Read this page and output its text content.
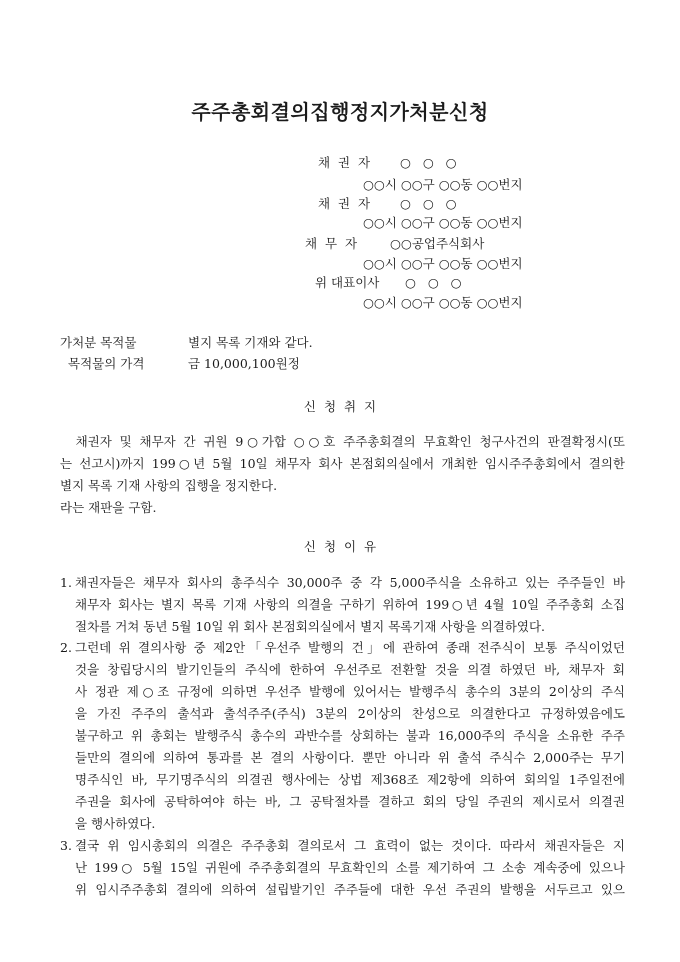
주주총회결의집행정지가처분신청
채  권  자 ○   ○   ○
○○시 ○○구 ○○동 ○○번지
채  권  자 ○   ○   ○
○○시 ○○구 ○○동 ○○번지
채  무  자	○○공업주식회사
○○시 ○○구 ○○동 ○○번지
위 대표이사 ○   ○   ○
○○시 ○○구 ○○동 ○○번지
가처분 목적물	별지 목록 기재와 같다.
목적물의 가격	금 10,000,100원정
신  청  취  지
채권자 및 채무자 간 귀원 9○가합 ○○호 주주총회결의 무효확인 청구사건의 판결확정시(또
는 선고시)까지 199○년 5월 10일 채무자 회사 본점회의실에서 개최한 임시주주총회에서 결의한
별지 목록 기재 사항의 집행을 정지한다.
라는 재판을 구함.
신  청  이  유
1. 채권자들은 채무자 회사의 총주식수 30,000주 중 각 5,000주식을 소유하고 있는 주주들인 바
채무자 회사는 별지 목록 기재 사항의 의결을 구하기 위하여 199○년 4월 10일 주주총회 소집
절차를 거쳐 동년 5월 10일 위 회사 본점회의실에서 별지 목록기재 사항을 의결하였다.
2. 그런데 위 결의사항 중 제2안「우선주 발행의 건」에 관하여 종래 전주식이 보통 주식이었던
것을 창립당시의 발기인들의 주식에 한하여 우선주로 전환할 것을 의결 하였던 바, 채무자 회
사 정관 제○조 규정에 의하면 우선주 발행에 있어서는 발행주식 총수의 3분의 2이상의 주식
을 가진 주주의 출석과 출석주주(주식) 3분의 2이상의 찬성으로 의결한다고 규정하였음에도
불구하고 위 총회는 발행주식 총수의 과반수를 상회하는 불과 16,000주의 주식을 소유한 주주
들만의 결의에 의하여 통과를 본 결의 사항이다. 뿐만 아니라 위 출석 주식수 2,000주는 무기
명주식인 바, 무기명주식의 의결권 행사에는 상법 제368조 제2항에 의하여 회의일 1주일전에
주권을 회사에 공탁하여야 하는 바, 그 공탁절차를 결하고 회의 당일 주권의 제시로서 의결권
을 행사하였다.
3. 결국 위 임시총회의 의결은 주주총회 결의로서 그 효력이 없는 것이다. 따라서 채권자들은 지
난 199○ 5월 15일 귀원에 주주총회결의 무효확인의 소를 제기하여 그 소송 계속중에 있으나
위 임시주주총회 결의에 의하여 설립발기인 주주들에 대한 우선 주권의 발행을 서두르고 있으
